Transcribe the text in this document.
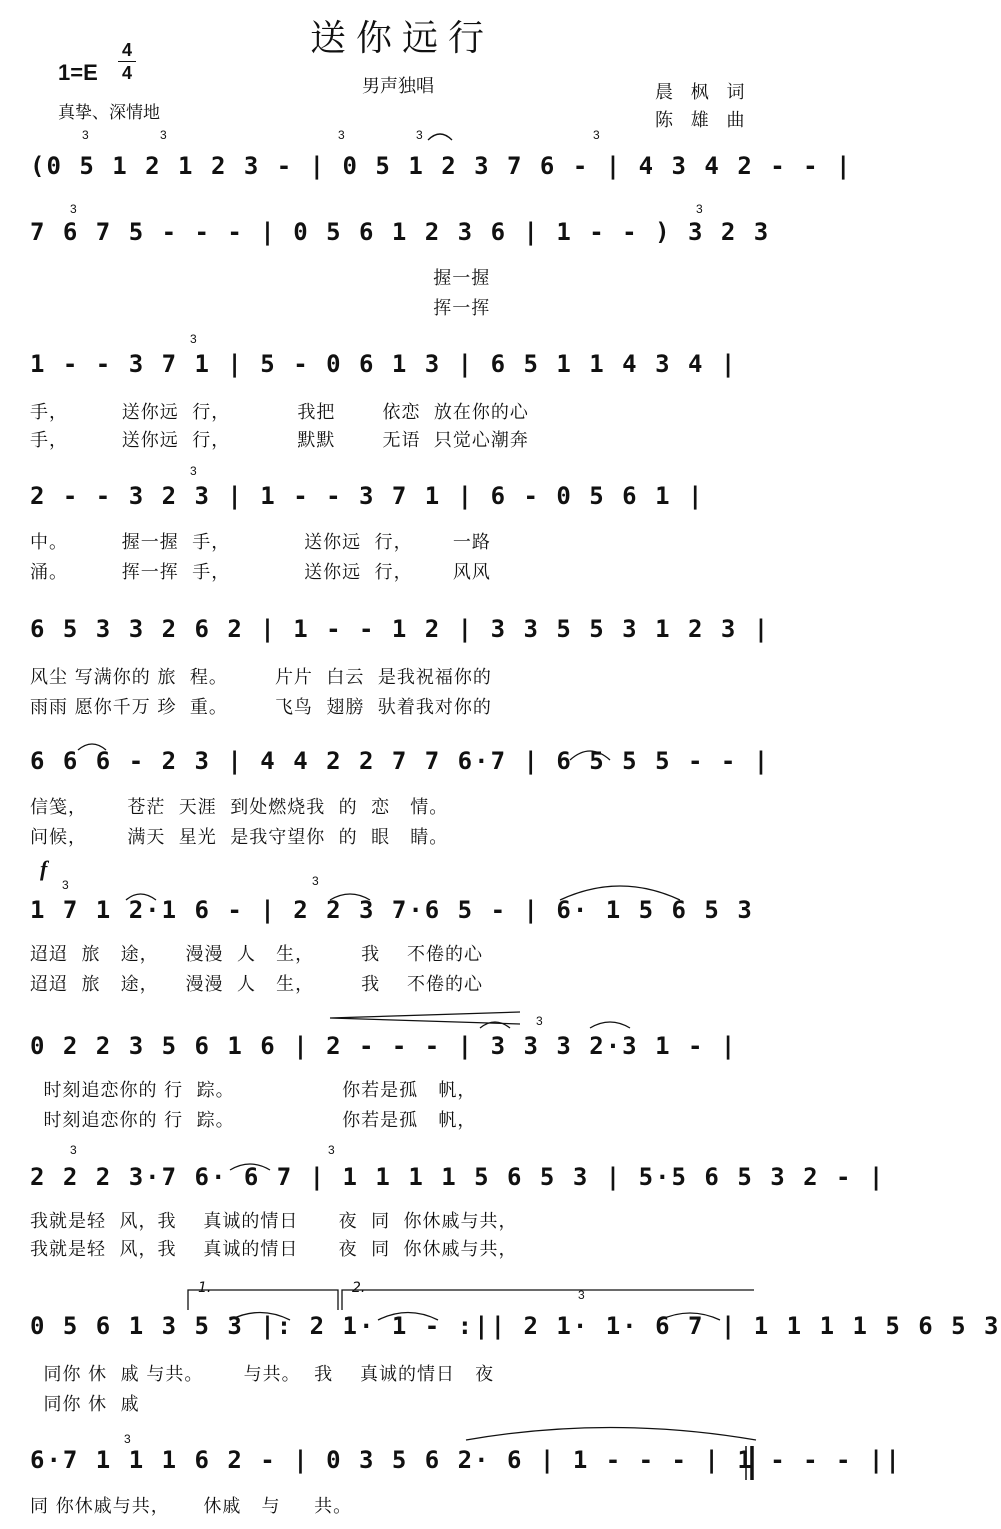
送你远行
1=E
4
4
男声独唱	晨 枫 词
陈 雄 曲
真挚、深情地
3	3	3	3	3
(0 5 1 2 1 2 3 - | 0 5 1 2 3 7 6 - | 4 3 4 2 - - |
3	3
7 6 7 5 - - - | 0 5 6 1 2 3 6 | 1 - - ) 3 2 3
握一握
挥一挥
3
1 - - 3 7 1 | 5 - 0 6 1 3 | 6 5 1 1 4 3 4 |
手，        送你远  行，          我把       依恋  放在你的心
手，        送你远  行，          默默       无语  只觉心潮奔
3
2 - - 3 2 3 | 1 - - 3 7 1 | 6 - 0 5 6 1 |
中。        握一握  手，           送你远  行，      一路
涌。        挥一挥  手，           送你远  行，      风风
6 5 3 3 2 6 2 | 1 - - 1 2 | 3 3 5 5 3 1 2 3 |
风尘 写满你的 旅  程。       片片  白云  是我祝福你的
雨雨 愿你千万 珍  重。       飞鸟  翅膀  驮着我对你的
6 6 6 - 2 3 | 4 4 2 2 7 7 6·7 | 6 5 5 5 - - |
信笺，      苍茫  天涯  到处燃烧我  的  恋   情。
问候，      满天  星光  是我守望你  的  眼   睛。
f
3	3
1 7 1 2·1 6 - | 2 2 3 7·6 5 - | 6· 1 5 6 5 3
迢迢  旅   途，    漫漫  人   生，       我    不倦的心
迢迢  旅   途，    漫漫  人   生，       我    不倦的心
3
0 2 2 3 5 6 1 6 | 2 - - - | 3 3 3 2·3 1 - |
时刻追恋你的 行  踪。                你若是孤   帆，
时刻追恋你的 行  踪。                你若是孤   帆，
3	3
2 2 2 3·7 6· 6 7 | 1 1 1 1 5 6 5 3 | 5·5 6 5 3 2 - |
我就是轻  风，我    真诚的情日      夜  同  你休戚与共，
我就是轻  风，我    真诚的情日      夜  同  你休戚与共，
1.	2.	3
0 5 6 1 3 5 3 |: 2 1· 1 - :|| 2 1· 1· 6 7 | 1 1 1 1 5 6 5 3
同你 休  戚 与共。      与共。  我    真诚的情日   夜
同你 休  戚
3
6·7 1 1 1 6 2 - | 0 3 5 6 2· 6 | 1 - - - | 1 - - - ||
同 你休戚与共，     休戚   与     共。
